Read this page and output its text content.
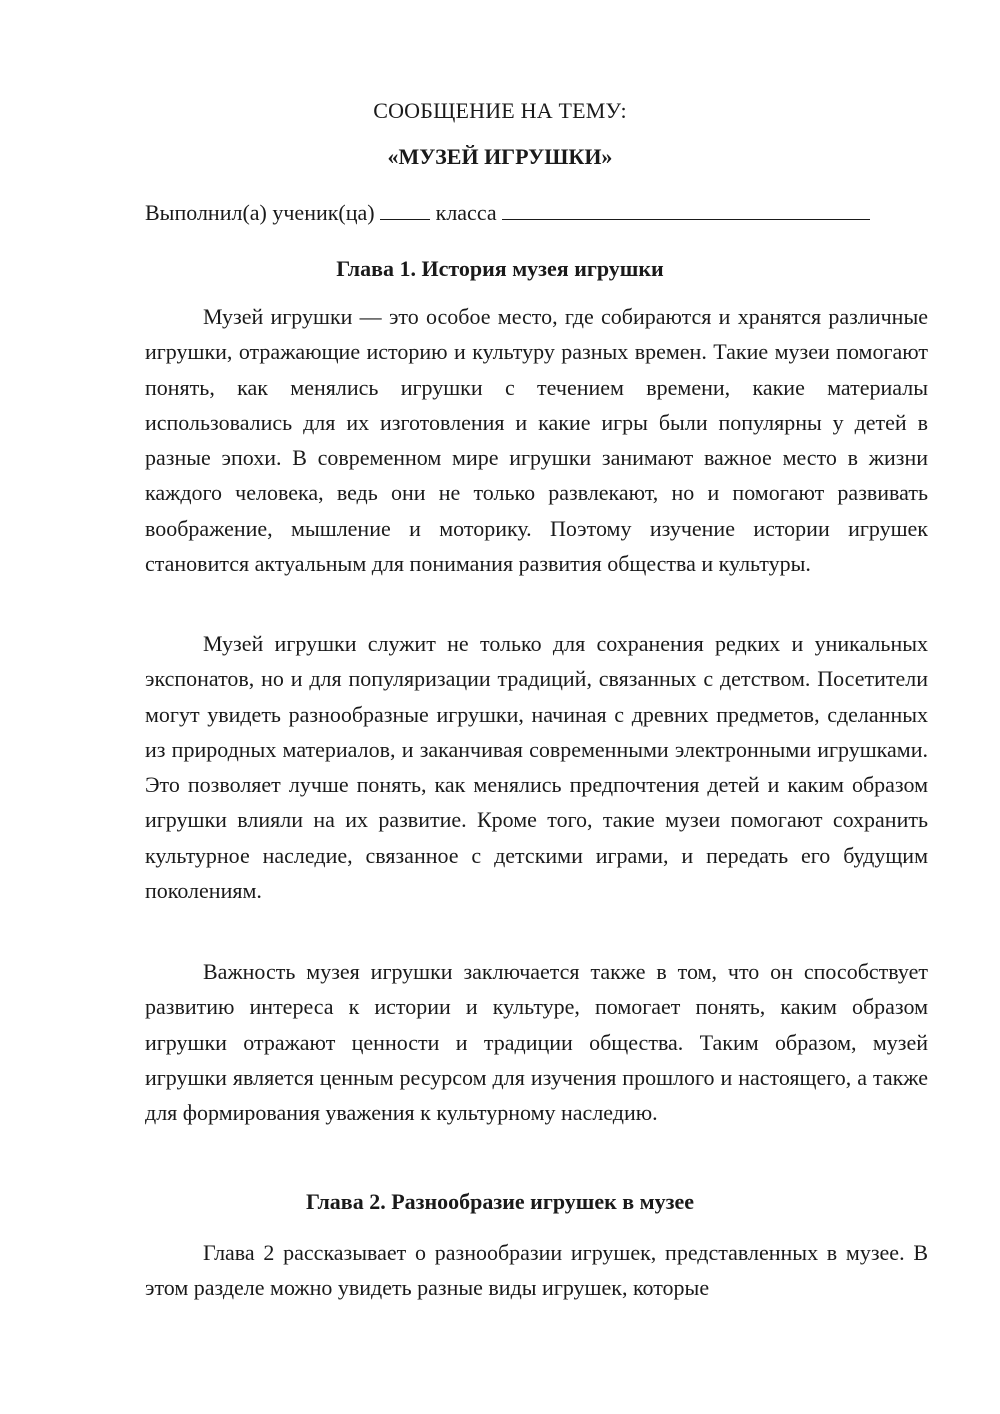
СООБЩЕНИЕ НА ТЕМУ:

«МУЗЕЙ ИГРУШКИ»

Выполнил(а) ученик(ца)	класса

Глава 1. История музея игрушки

Музей игрушки — это особое место, где собираются и хранятся различные игрушки, отражающие историю и культуру разных времен. Такие музеи помогают понять, как менялись игрушки с течением времени, какие материалы использовались для их изготовления и какие игры были популярны у детей в разные эпохи. В современном мире игрушки занимают важное место в жизни каждого человека, ведь они не только развлекают, но и помогают развивать воображение, мышление и моторику. Поэтому изучение истории игрушек становится актуальным для понимания развития общества и культуры.

Музей игрушки служит не только для сохранения редких и уникальных экспонатов, но и для популяризации традиций, связанных с детством. Посетители могут увидеть разнообразные игрушки, начиная с древних предметов, сделанных из природных материалов, и заканчивая современными электронными игрушками. Это позволяет лучше понять, как менялись предпочтения детей и каким образом игрушки влияли на их развитие. Кроме того, такие музеи помогают сохранить культурное наследие, связанное с детскими играми, и передать его будущим поколениям.

Важность музея игрушки заключается также в том, что он способствует развитию интереса к истории и культуре, помогает понять, каким образом игрушки отражают ценности и традиции общества. Таким образом, музей игрушки является ценным ресурсом для изучения прошлого и настоящего, а также для формирования уважения к культурному наследию.

Глава 2. Разнообразие игрушек в музее

Глава 2 рассказывает о разнообразии игрушек, представленных в музее. В этом разделе можно увидеть разные виды игрушек, которые
